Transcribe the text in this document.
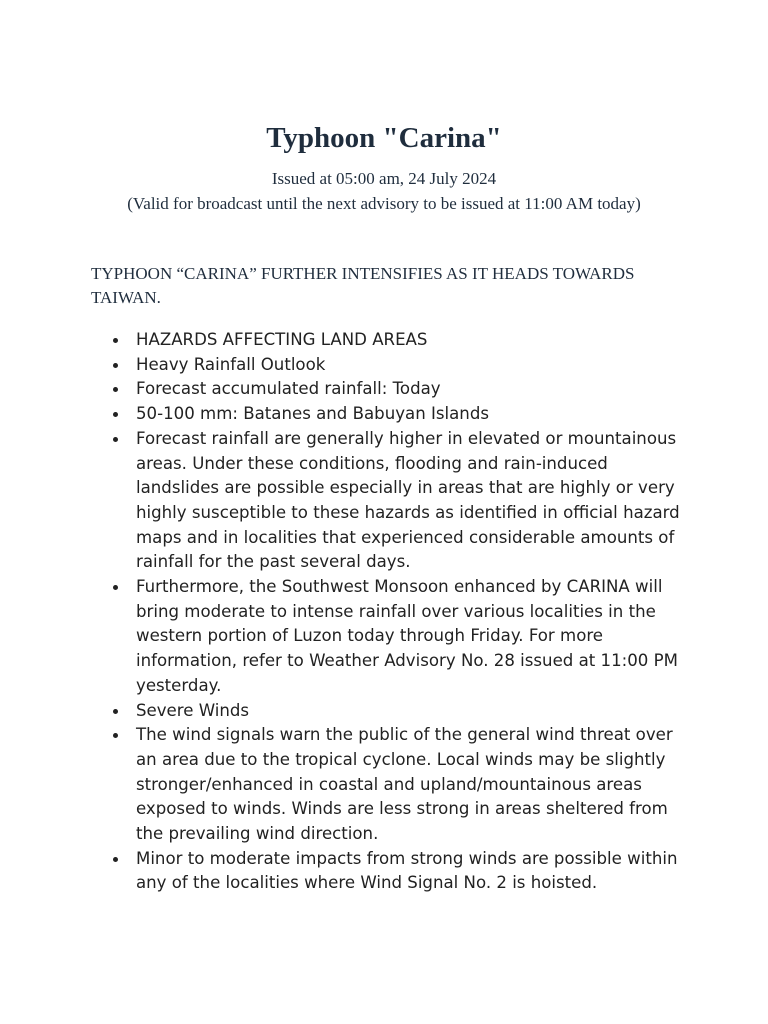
Typhoon "Carina"

Issued at 05:00 am, 24 July 2024

(Valid for broadcast until the next advisory to be issued at 11:00 AM today)

TYPHOON “CARINA” FURTHER INTENSIFIES AS IT HEADS TOWARDS TAIWAN.

HAZARDS AFFECTING LAND AREAS
Heavy Rainfall Outlook
Forecast accumulated rainfall: Today
50-100 mm: Batanes and Babuyan Islands
Forecast rainfall are generally higher in elevated or mountainous areas. Under these conditions, flooding and rain-induced landslides are possible especially in areas that are highly or very highly susceptible to these hazards as identified in official hazard maps and in localities that experienced considerable amounts of rainfall for the past several days.
Furthermore, the Southwest Monsoon enhanced by CARINA will bring moderate to intense rainfall over various localities in the western portion of Luzon today through Friday. For more information, refer to Weather Advisory No. 28 issued at 11:00 PM yesterday.
Severe Winds
The wind signals warn the public of the general wind threat over an area due to the tropical cyclone. Local winds may be slightly stronger/enhanced in coastal and upland/mountainous areas exposed to winds. Winds are less strong in areas sheltered from the prevailing wind direction.
Minor to moderate impacts from strong winds are possible within any of the localities where Wind Signal No. 2 is hoisted.
